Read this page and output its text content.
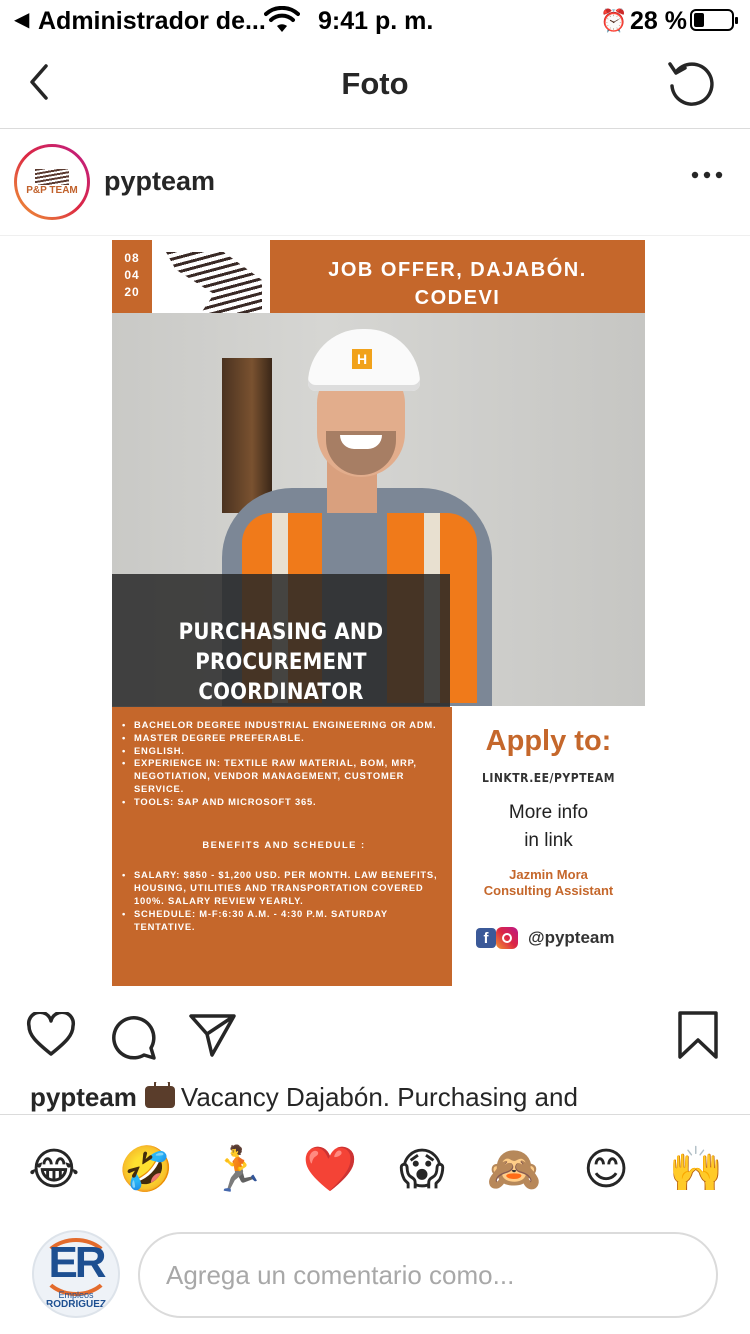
◀ Administrador de... 9:41 p. m.	⏰ 28 %
Foto
P&P TEAM pypteam
08
04
20
JOB OFFER, DAJABÓN.
CODEVI
H
PURCHASING AND PROCUREMENT
COORDINATOR
• BACHELOR DEGREE INDUSTRIAL ENGINEERING OR ADM.
• MASTER DEGREE PREFERABLE.
• ENGLISH.
• EXPERIENCE IN: TEXTILE RAW MATERIAL, BOM, MRP, NEGOTIATION, VENDOR MANAGEMENT, CUSTOMER SERVICE.
• TOOLS: SAP AND MICROSOFT 365.
BENEFITS AND SCHEDULE :
• SALARY: $850 - $1,200 USD. PER MONTH. LAW BENEFITS, HOUSING, UTILITIES AND TRANSPORTATION COVERED 100%. SALARY REVIEW YEARLY.
• SCHEDULE: M-F:6:30 A.M. - 4:30 P.M. SATURDAY TENTATIVE.
Apply to:
LINKTR.EE/PYPTEAM
More info
in link
Jazmin Mora
Consulting Assistant
f	@pypteam
pypteam Vacancy Dajabón. Purchasing and
😂 🤣 🏃 ❤️ 😱 🙈 😊 🙌
ER
Empleos
RODRIGUEZ
Agrega un comentario como...
